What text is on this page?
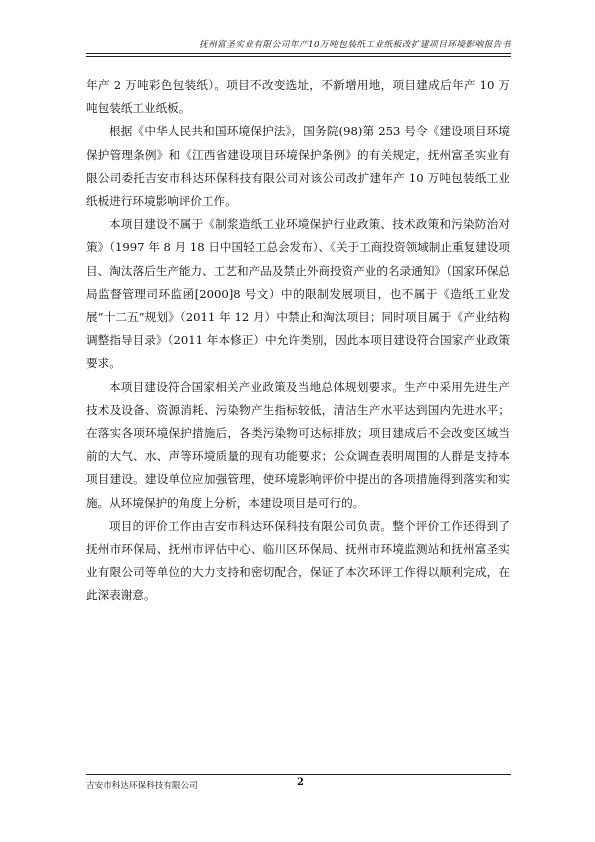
抚州富圣实业有限公司年产10万吨包装纸工业纸板改扩建项目环境影响报告书

年产 2 万吨彩色包装纸）。项目不改变选址，不新增用地，项目建成后年产 10 万吨包装纸工业纸板。

根据《中华人民共和国环境保护法》，国务院(98)第 253 号令《建设项目环境保护管理条例》和《江西省建设项目环境保护条例》的有关规定，抚州富圣实业有限公司委托吉安市科达环保科技有限公司对该公司改扩建年产 10 万吨包装纸工业纸板进行环境影响评价工作。

本项目建设不属于《制浆造纸工业环境保护行业政策、技术政策和污染防治对策》（1997 年 8 月 18 日中国轻工总会发布）、《关于工商投资领域制止重复建设项目、淘汰落后生产能力、工艺和产品及禁止外商投资产业的名录通知》（国家环保总局监督管理司环监函[2000]8 号文）中的限制发展项目，也不属于《造纸工业发展“十二五”规划》（2011 年 12 月）中禁止和淘汰项目；同时项目属于《产业结构调整指导目录》（2011 年本修正）中允许类别，因此本项目建设符合国家产业政策要求。

本项目建设符合国家相关产业政策及当地总体规划要求。生产中采用先进生产技术及设备、资源消耗、污染物产生指标较低，清洁生产水平达到国内先进水平；在落实各项环境保护措施后，各类污染物可达标排放；项目建成后不会改变区域当前的大气、水、声等环境质量的现有功能要求；公众调查表明周围的人群是支持本项目建设。建设单位应加强管理，使环境影响评价中提出的各项措施得到落实和实施。从环境保护的角度上分析，本建设项目是可行的。

项目的评价工作由吉安市科达环保科技有限公司负责。整个评价工作还得到了抚州市环保局、抚州市评估中心、临川区环保局、抚州市环境监测站和抚州富圣实业有限公司等单位的大力支持和密切配合，保证了本次环评工作得以顺利完成，在此深表谢意。

吉安市科达环保科技有限公司	2
